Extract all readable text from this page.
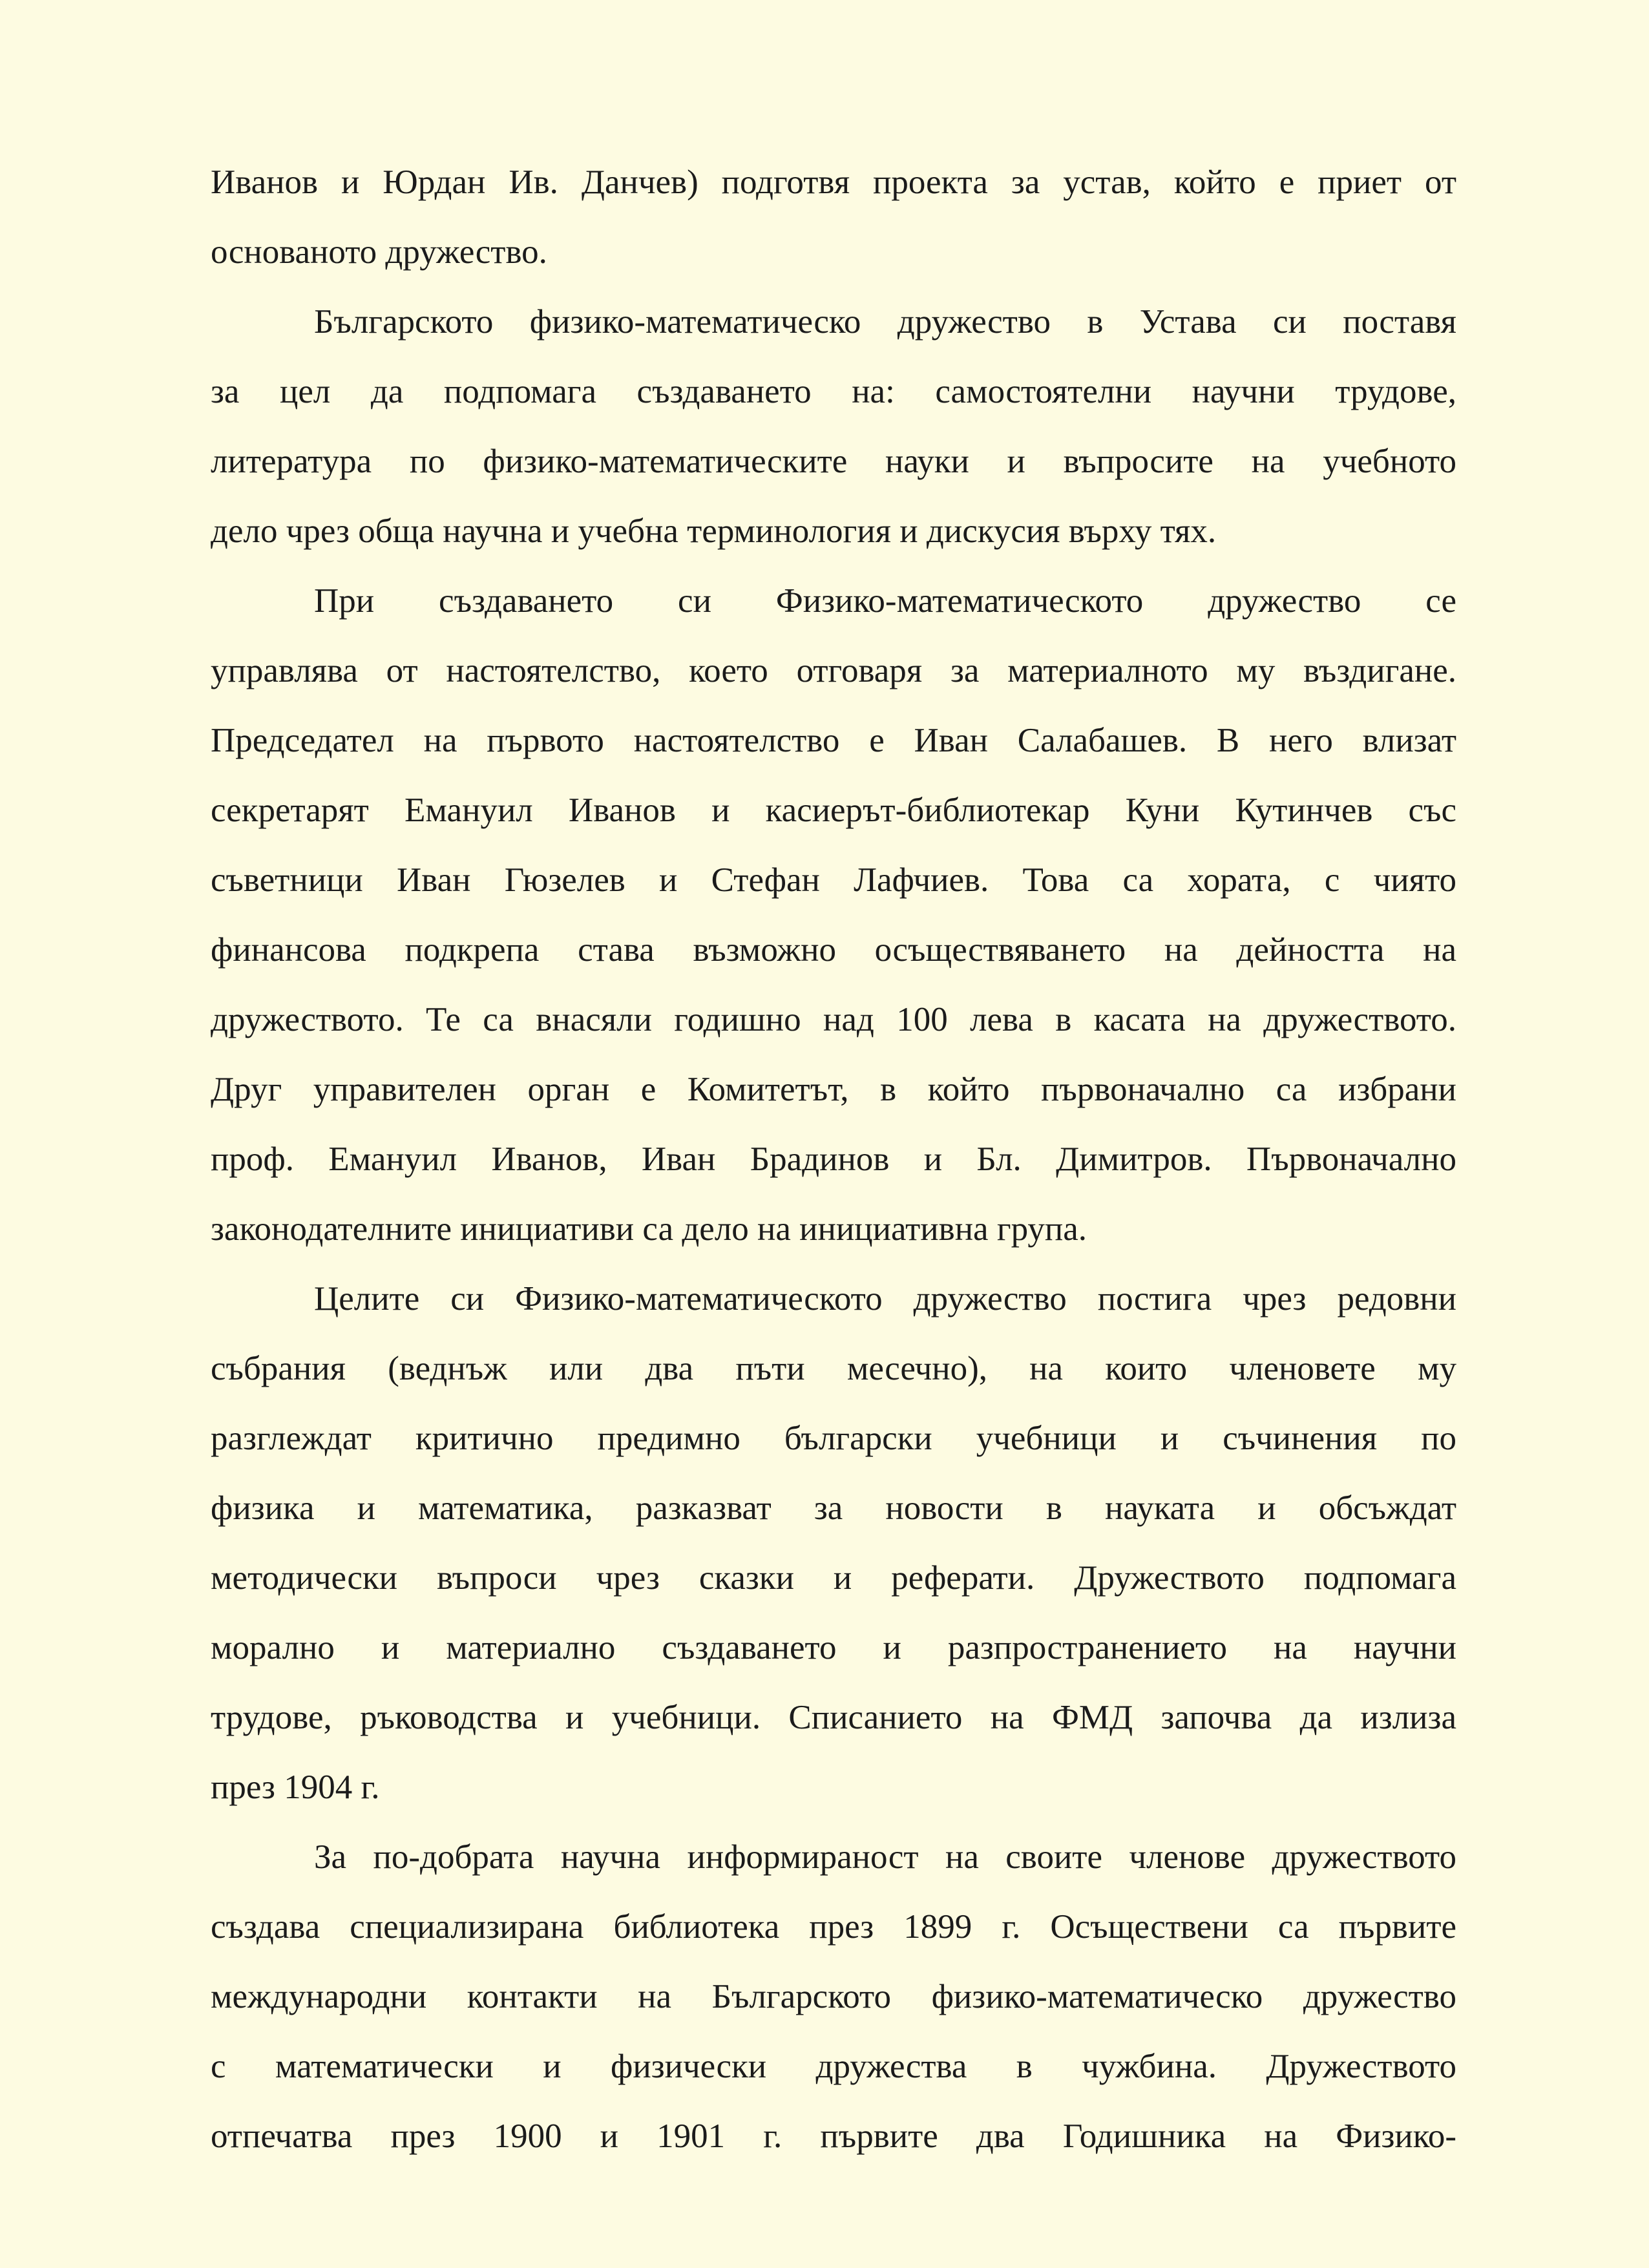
Иванов и Юрдан Ив. Данчев) подготвя проекта за устав, който е приет от
основаното дружество.
Българското физико-математическо дружество в Устава си поставя
за цел да подпомага създаването на: самостоятелни научни трудове,
литература по физико-математическите науки и въпросите на учебното
дело чрез обща научна и учебна терминология и дискусия върху тях.
При създаването си Физико-математическото дружество се
управлява от настоятелство, което отговаря за материалното му въздигане.
Председател на първото настоятелство е Иван Салабашев. В него влизат
секретарят Емануил Иванов и касиерът-библиотекар Куни Кутинчев със
съветници Иван Гюзелев и Стефан Лафчиев. Това са хората, с чиято
финансова подкрепа става възможно осъществяването на дейността на
дружеството. Те са внасяли годишно над 100 лева в касата на дружеството.
Друг управителен орган е Комитетът, в който първоначално са избрани
проф. Емануил Иванов, Иван Брадинов и Бл. Димитров. Първоначално
законодателните инициативи са дело на инициативна група.
Целите си Физико-математическото дружество постига чрез редовни
събрания (веднъж или два пъти месечно), на които членовете му
разглеждат критично предимно български учебници и съчинения по
физика и математика, разказват за новости в науката и обсъждат
методически въпроси чрез сказки и реферати. Дружеството подпомага
морално и материално създаването и разпространението на научни
трудове, ръководства и учебници. Списанието на ФМД започва да излиза
през 1904 г.
За по-добрата научна информираност на своите членове дружеството
създава специализирана библиотека през 1899 г. Осъществени са първите
международни контакти на Българското физико-математическо дружество
с математически и физически дружества в чужбина. Дружеството
отпечатва през 1900 и 1901 г. първите два Годишника на Физико-
